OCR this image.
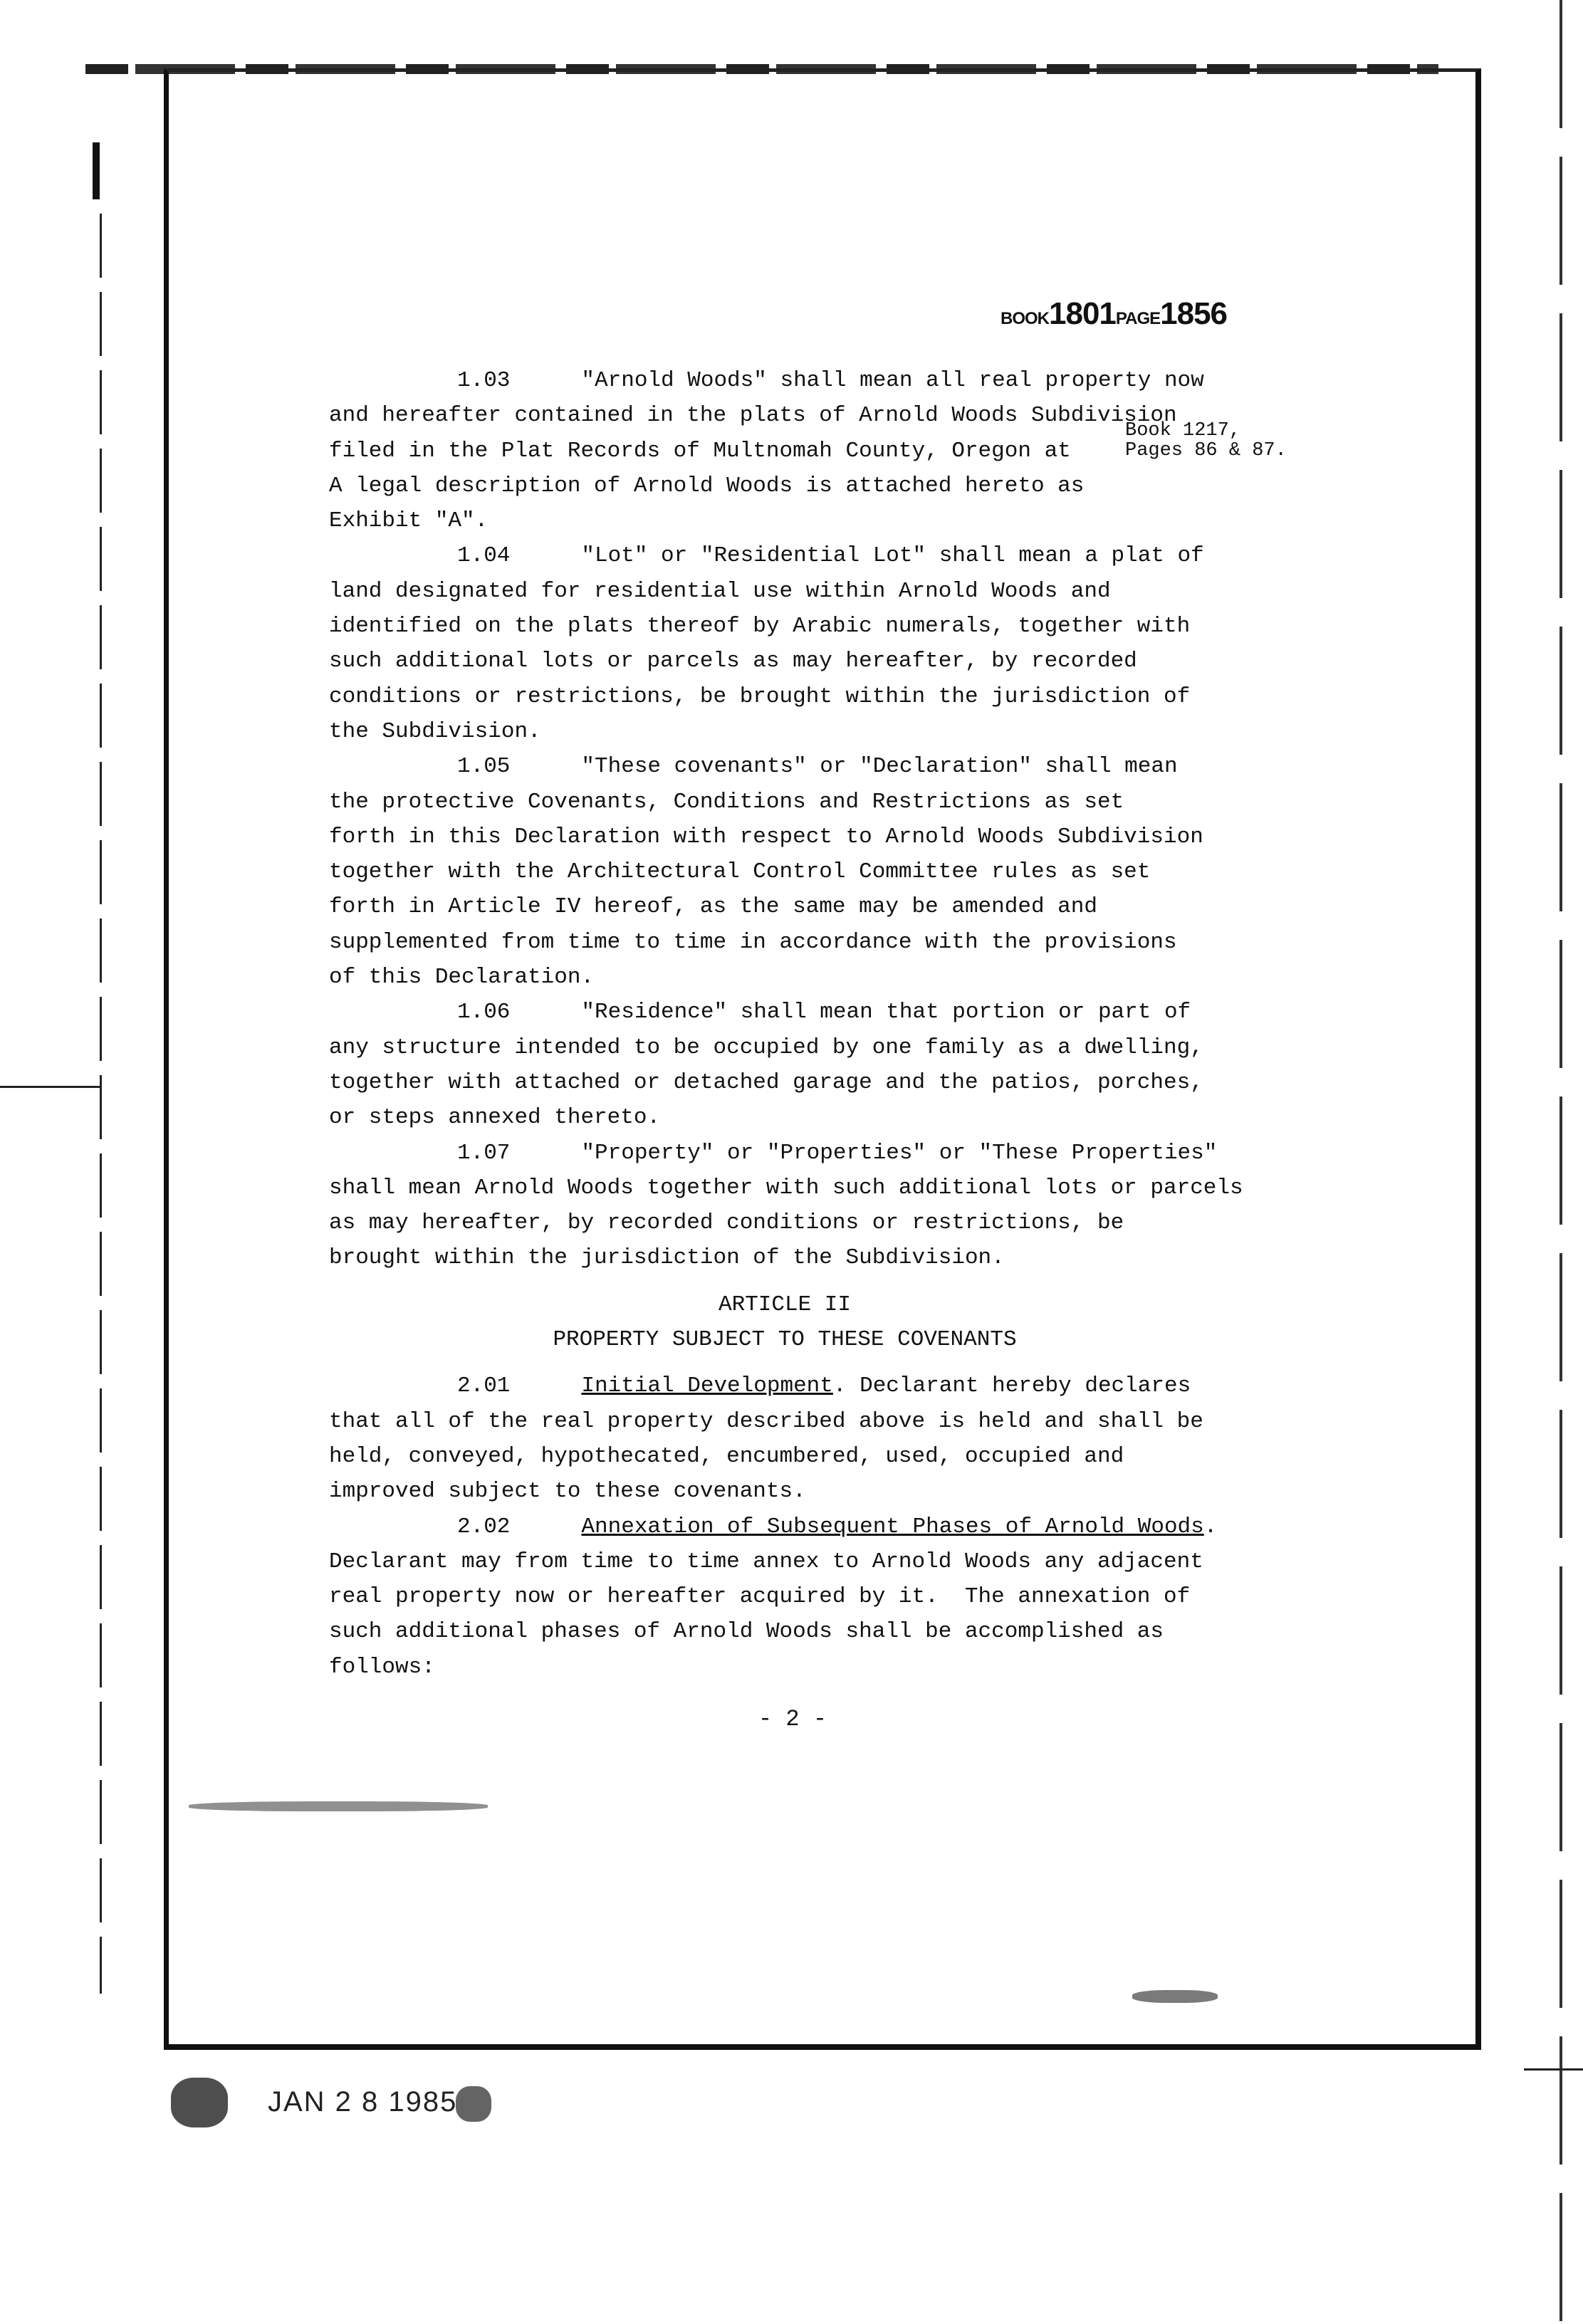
BOOK1801PAGE1856
Book 1217,
Pages 86 & 87.
1.03	"Arnold Woods" shall mean all real property now
and hereafter contained in the plats of Arnold Woods Subdivision
filed in the Plat Records of Multnomah County, Oregon at
A legal description of Arnold Woods is attached hereto as
Exhibit "A".
1.04	"Lot" or "Residential Lot" shall mean a plat of
land designated for residential use within Arnold Woods and
identified on the plats thereof by Arabic numerals, together with
such additional lots or parcels as may hereafter, by recorded
conditions or restrictions, be brought within the jurisdiction of
the Subdivision.
1.05	"These covenants" or "Declaration" shall mean
the protective Covenants, Conditions and Restrictions as set
forth in this Declaration with respect to Arnold Woods Subdivision
together with the Architectural Control Committee rules as set
forth in Article IV hereof, as the same may be amended and
supplemented from time to time in accordance with the provisions
of this Declaration.
1.06	"Residence" shall mean that portion or part of
any structure intended to be occupied by one family as a dwelling,
together with attached or detached garage and the patios, porches,
or steps annexed thereto.
1.07	"Property" or "Properties" or "These Properties"
shall mean Arnold Woods together with such additional lots or parcels
as may hereafter, by recorded conditions or restrictions, be
brought within the jurisdiction of the Subdivision.
ARTICLE II
PROPERTY SUBJECT TO THESE COVENANTS
2.01	Initial Development. Declarant hereby declares
that all of the real property described above is held and shall be
held, conveyed, hypothecated, encumbered, used, occupied and
improved subject to these covenants.
2.02	Annexation of Subsequent Phases of Arnold Woods.
Declarant may from time to time annex to Arnold Woods any adjacent
real property now or hereafter acquired by it.  The annexation of
such additional phases of Arnold Woods shall be accomplished as
follows:
- 2 -
JAN 2 8 1985
